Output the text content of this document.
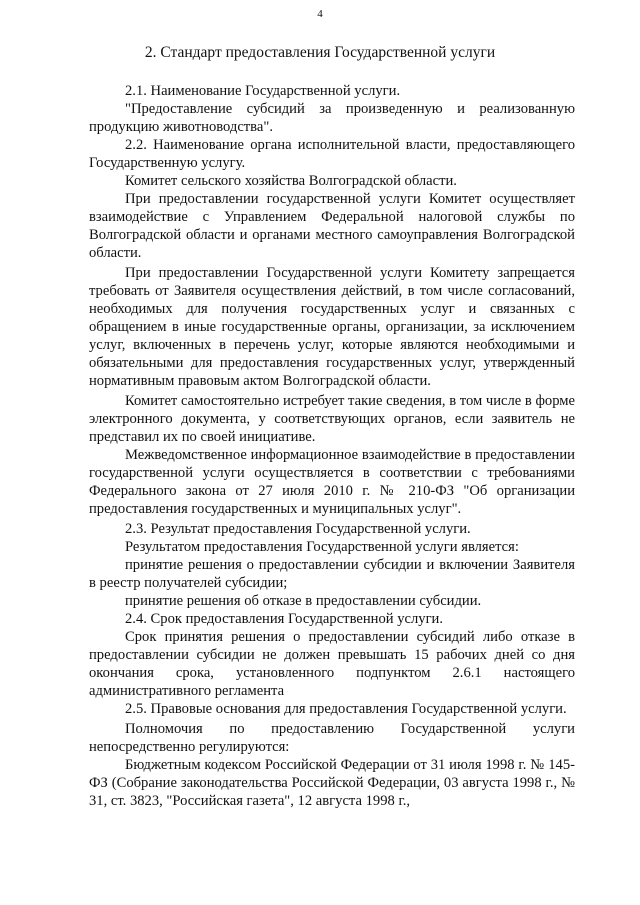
4
2. Стандарт предоставления Государственной услуги

2.1. Наименование Государственной услуги.

"Предоставление субсидий за произведенную и реализованную продукцию животноводства".

2.2. Наименование органа исполнительной власти, предоставляющего Государственную услугу.

Комитет сельского хозяйства Волгоградской области.

При предоставлении государственной услуги Комитет осуществляет взаимодействие с Управлением Федеральной налоговой службы по Волгоградской области и органами местного самоуправления Волгоградской области.

При предоставлении Государственной услуги Комитету запрещается требовать от Заявителя осуществления действий, в том числе согласований, необходимых для получения государственных услуг и связанных с обращением в иные государственные органы, организации, за исключением услуг, включенных в перечень услуг, которые являются необходимыми и обязательными для предоставления государственных услуг, утвержденный нормативным правовым актом Волгоградской области.

Комитет самостоятельно истребует такие сведения, в том числе в форме электронного документа, у соответствующих органов, если заявитель не представил их по своей инициативе.

Межведомственное информационное взаимодействие в предоставлении государственной услуги осуществляется в соответствии с требованиями Федерального закона от 27 июля 2010 г. № 210-ФЗ "Об организации предоставления государственных и муниципальных услуг".

2.3. Результат предоставления Государственной услуги.

Результатом предоставления Государственной услуги является:

принятие решения о предоставлении субсидии и включении Заявителя в реестр получателей субсидии;

принятие решения об отказе в предоставлении субсидии.

2.4. Срок предоставления Государственной услуги.

Срок принятия решения о предоставлении субсидий либо отказе в предоставлении субсидии не должен превышать 15 рабочих дней со дня окончания срока, установленного подпунктом 2.6.1 настоящего административного регламента

2.5. Правовые основания для предоставления Государственной услуги.

Полномочия по предоставлению Государственной услуги непосредственно регулируются:

Бюджетным кодексом Российской Федерации от 31 июля 1998 г. № 145-ФЗ (Собрание законодательства Российской Федерации, 03 августа 1998 г., № 31, ст. 3823, "Российская газета", 12 августа 1998 г.,
